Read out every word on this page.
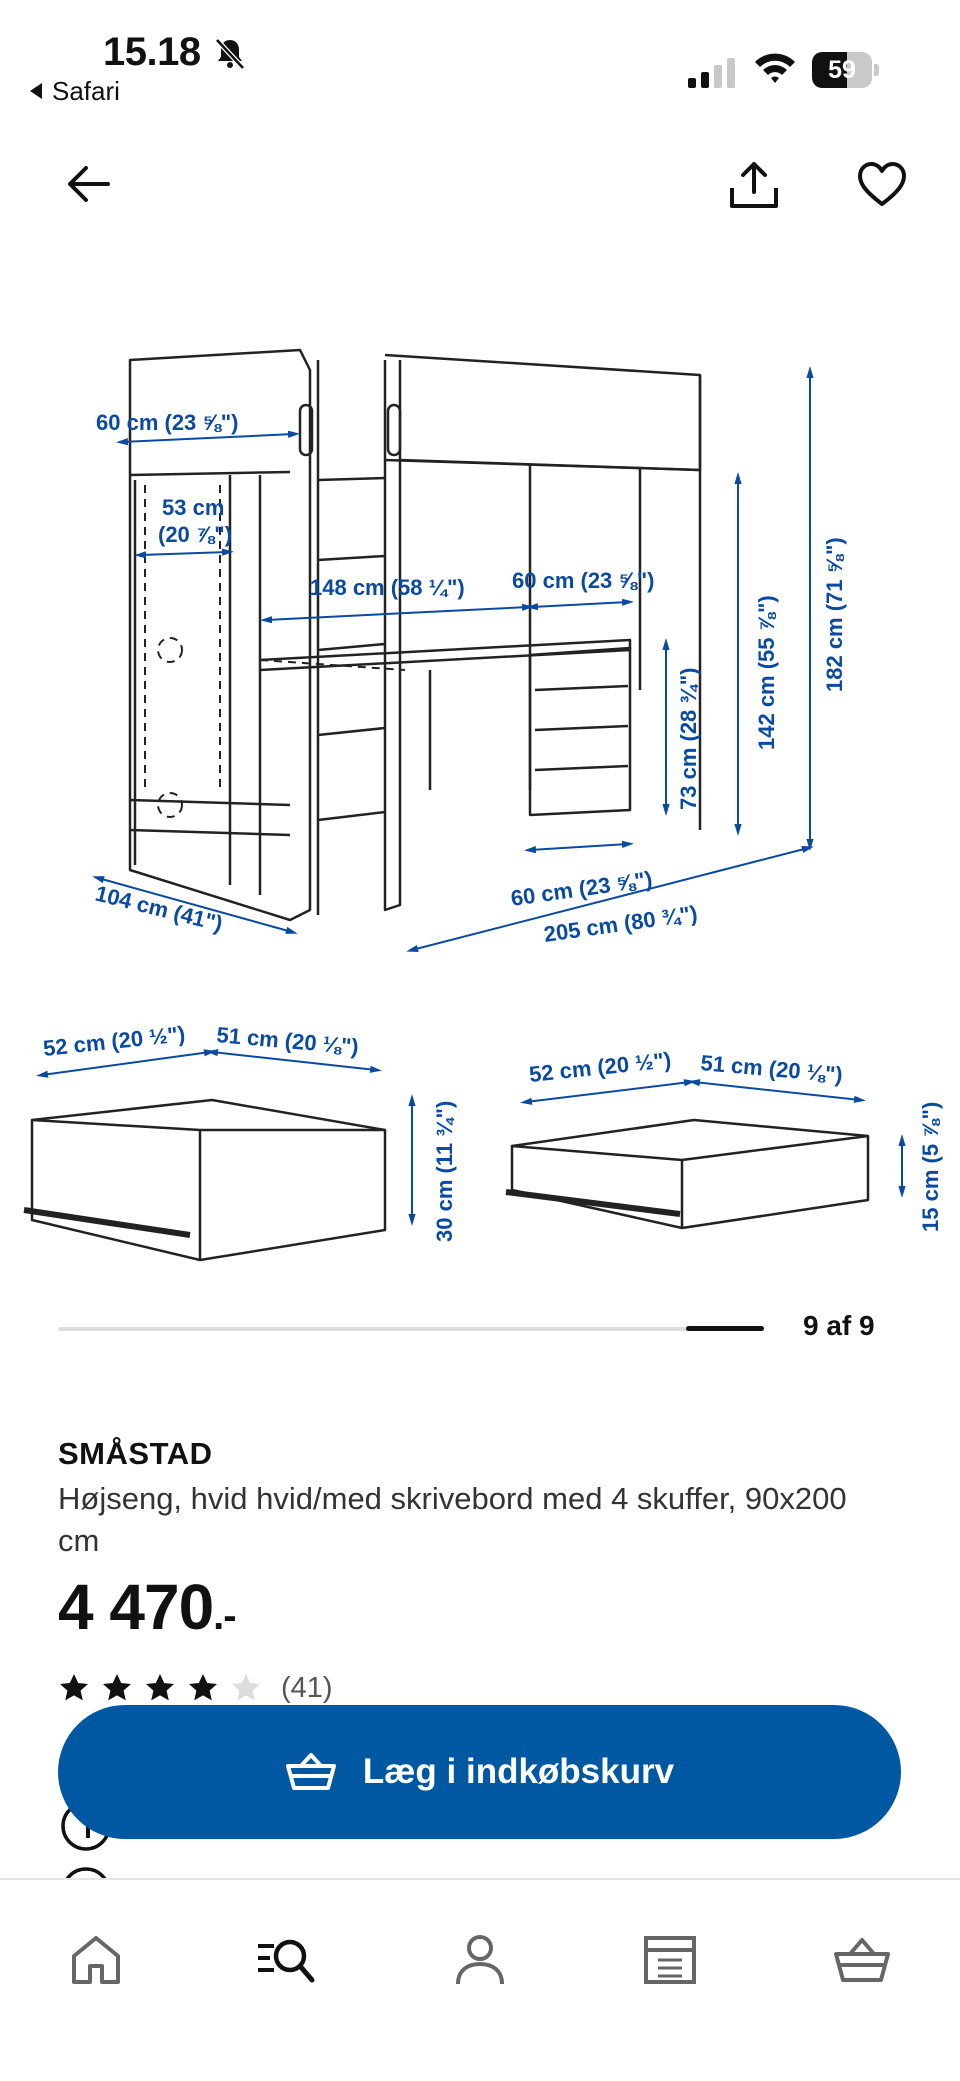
15.18
Safari
59
60 cm (23 ⅝")
53 cm
(20 ⅞")
148 cm (58 ¼") 60 cm (23 ⅝")
73 cm (28 ¾") 142 cm (55 ⅞") 182 cm (71 ⅝")
60 cm (23 ⅝")
104 cm (41")	205 cm (80 ¾")
52 cm (20 ½") 51 cm (20 ⅛")
30 cm (11 ¾")
52 cm (20 ½") 51 cm (20 ⅛")
15 cm (5 ⅞")
9 af 9
SMÅSTAD
Højseng, hvid hvid/med skrivebord med 4 skuffer, 90x200 cm
4 470.-
(41)
Læg i indkøbskurv
